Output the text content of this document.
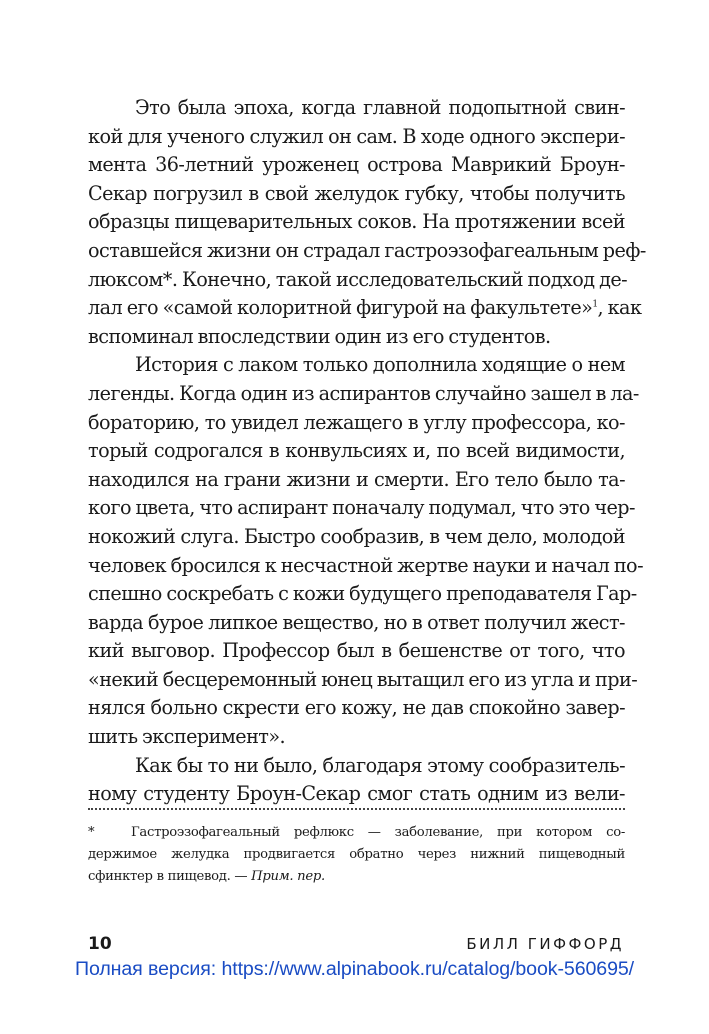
Это была эпоха, когда главной подопытной свин-
кой для ученого служил он сам. В ходе одного экспери-
мента 36-летний уроженец острова Маврикий Броун-
Секар погрузил в свой желудок губку, чтобы получить
образцы пищеварительных соков. На протяжении всей
оставшейся жизни он страдал гастроэзофагеальным реф-
люксом*. Конечно, такой исследовательский подход де-
лал его «самой колоритной фигурой на факультете»$^1$, как
вспоминал впоследствии один из его студентов.
История с лаком только дополнила ходящие о нем
легенды. Когда один из аспирантов случайно зашел в ла-
бораторию, то увидел лежащего в углу профессора, ко-
торый содрогался в конвульсиях и, по всей видимости,
находился на грани жизни и смерти. Его тело было та-
кого цвета, что аспирант поначалу подумал, что это чер-
нокожий слуга. Быстро сообразив, в чем дело, молодой
человек бросился к несчастной жертве науки и начал по-
спешно соскребать с кожи будущего преподавателя Гар-
варда бурое липкое вещество, но в ответ получил жест-
кий выговор. Профессор был в бешенстве от того, что
«некий бесцеремонный юнец вытащил его из угла и при-
нялся больно скрести его кожу, не дав спокойно завер-
шить эксперимент».
Как бы то ни было, благодаря этому сообразитель-
ному студенту Броун-Секар смог стать одним из вели-
*	Гастроэзофагеальный рефлюкс — заболевание, при котором со-
держимое желудка продвигается обратно через нижний пищеводный
сфинктер в пищевод. — Прим. пер.
10	БИЛЛ ГИФФОРД
Полная версия: https://www.alpinabook.ru/catalog/book-560695/
